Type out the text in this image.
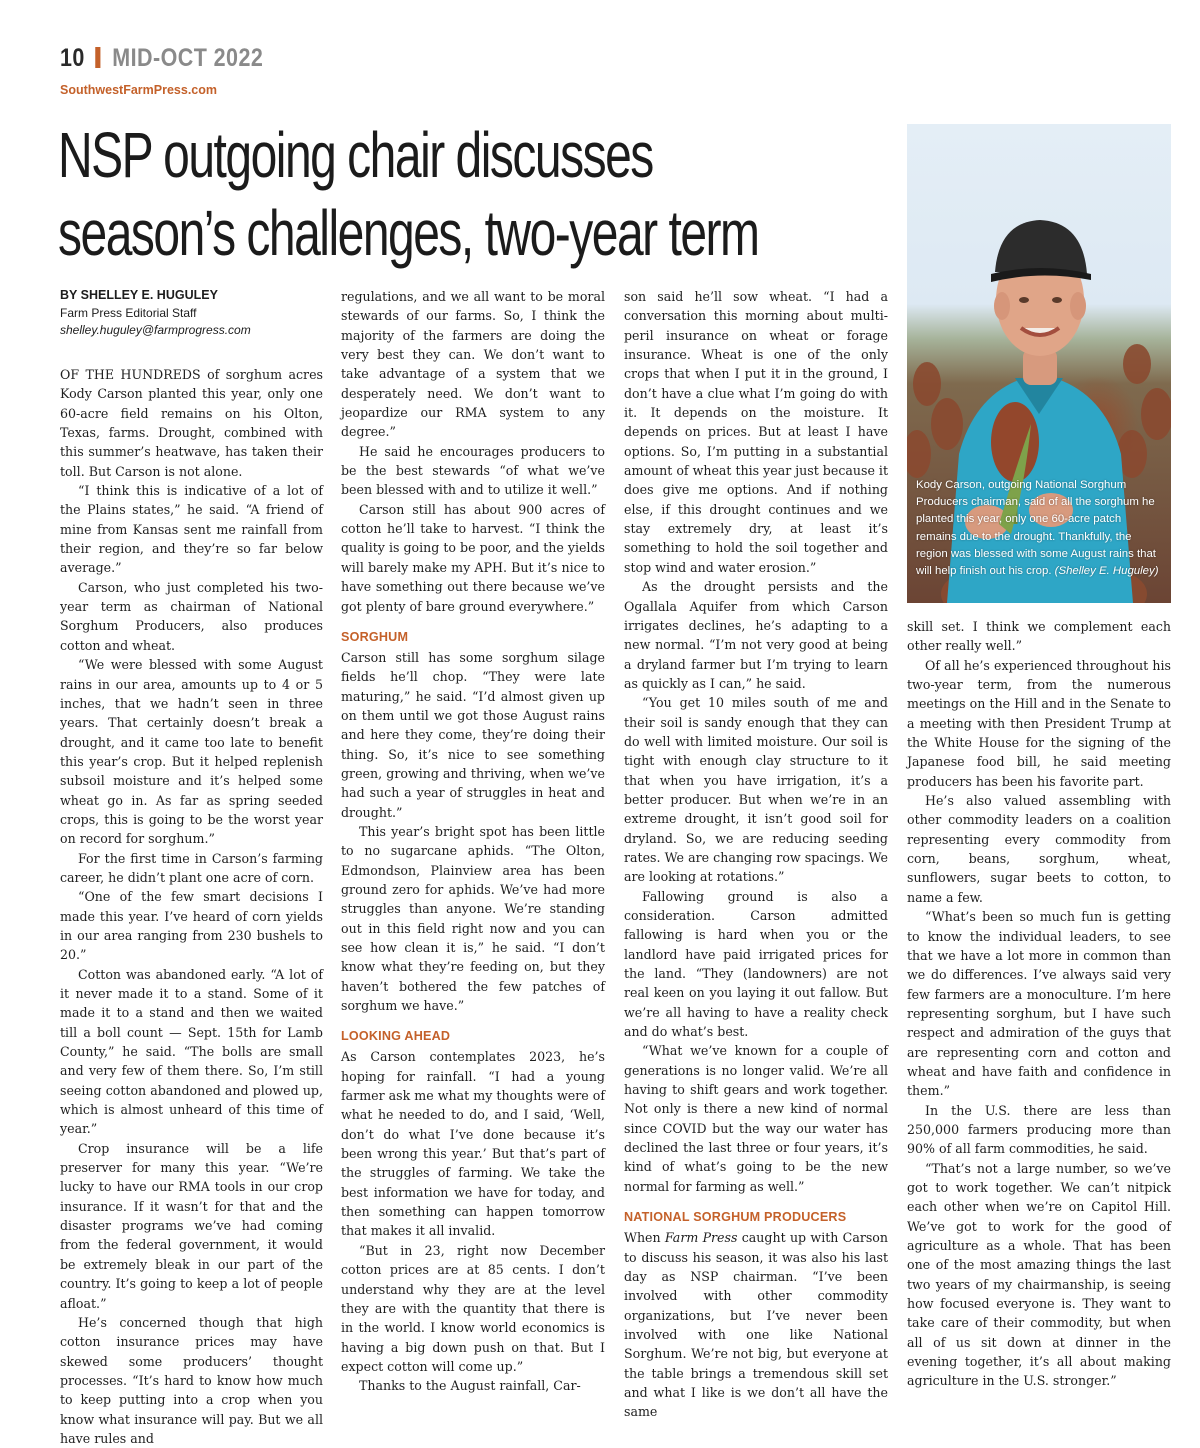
10 MID-OCT 2022
SouthwestFarmPress.com
NSP outgoing chair discusses season’s challenges, two-year term
Kody Carson, outgoing National Sorghum Producers chairman, said of all the sorghum he planted this year, only one 60-acre patch remains due to the drought. Thankfully, the region was blessed with some August rains that will help finish out his crop. (Shelley E. Huguley)
BY SHELLEY E. HUGULEY
Farm Press Editorial Staff
shelley.huguley@farmprogress.com

OF THE HUNDREDS of sorghum acres Kody Carson planted this year, only one 60-acre field remains on his Olton, Texas, farms. Drought, combined with this summer’s heatwave, has taken their toll. But Carson is not alone.

“I think this is indicative of a lot of the Plains states,” he said. “A friend of mine from Kansas sent me rainfall from their region, and they’re so far below average.”

Carson, who just completed his two-year term as chairman of National Sorghum Producers, also produces cotton and wheat.

“We were blessed with some August rains in our area, amounts up to 4 or 5 inches, that we hadn’t seen in three years. That certainly doesn’t break a drought, and it came too late to benefit this year’s crop. But it helped replenish subsoil moisture and it’s helped some wheat go in. As far as spring seeded crops, this is going to be the worst year on record for sorghum.”

For the first time in Carson’s farming career, he didn’t plant one acre of corn.

“One of the few smart decisions I made this year. I’ve heard of corn yields in our area ranging from 230 bushels to 20.”

Cotton was abandoned early. “A lot of it never made it to a stand. Some of it made it to a stand and then we waited till a boll count — Sept. 15th for Lamb County,” he said. “The bolls are small and very few of them there. So, I’m still seeing cotton abandoned and plowed up, which is almost unheard of this time of year.”

Crop insurance will be a life preserver for many this year. “We’re lucky to have our RMA tools in our crop insurance. If it wasn’t for that and the disaster programs we’ve had coming from the federal government, it would be extremely bleak in our part of the country. It’s going to keep a lot of people afloat.”

He’s concerned though that high cotton insurance prices may have skewed some producers’ thought processes. “It’s hard to know how much to keep putting into a crop when you know what insurance will pay. But we all have rules and

regulations, and we all want to be moral stewards of our farms. So, I think the majority of the farmers are doing the very best they can. We don’t want to take advantage of a system that we desperately need. We don’t want to jeopardize our RMA system to any degree.”

He said he encourages producers to be the best stewards “of what we’ve been blessed with and to utilize it well.”

Carson still has about 900 acres of cotton he’ll take to harvest. “I think the quality is going to be poor, and the yields will barely make my APH. But it’s nice to have something out there because we’ve got plenty of bare ground everywhere.”

SORGHUM

Carson still has some sorghum silage fields he’ll chop. “They were late maturing,” he said. “I’d almost given up on them until we got those August rains and here they come, they’re doing their thing. So, it’s nice to see something green, growing and thriving, when we’ve had such a year of struggles in heat and drought.”

This year’s bright spot has been little to no sugarcane aphids. “The Olton, Edmondson, Plainview area has been ground zero for aphids. We’ve had more struggles than anyone. We’re standing out in this field right now and you can see how clean it is,” he said. “I don’t know what they’re feeding on, but they haven’t bothered the few patches of sorghum we have.”

LOOKING AHEAD

As Carson contemplates 2023, he’s hoping for rainfall. “I had a young farmer ask me what my thoughts were of what he needed to do, and I said, ‘Well, don’t do what I’ve done because it’s been wrong this year.’ But that’s part of the struggles of farming. We take the best information we have for today, and then something can happen tomorrow that makes it all invalid.

“But in 23, right now December cotton prices are at 85 cents. I don’t understand why they are at the level they are with the quantity that there is in the world. I know world economics is having a big down push on that. But I expect cotton will come up.”

Thanks to the August rainfall, Car-

son said he’ll sow wheat. “I had a conversation this morning about multi-peril insurance on wheat or forage insurance. Wheat is one of the only crops that when I put it in the ground, I don’t have a clue what I’m going do with it. It depends on the moisture. It depends on prices. But at least I have options. So, I’m putting in a substantial amount of wheat this year just because it does give me options. And if nothing else, if this drought continues and we stay extremely dry, at least it’s something to hold the soil together and stop wind and water erosion.”

As the drought persists and the Ogallala Aquifer from which Carson irrigates declines, he’s adapting to a new normal. “I’m not very good at being a dryland farmer but I’m trying to learn as quickly as I can,” he said.

“You get 10 miles south of me and their soil is sandy enough that they can do well with limited moisture. Our soil is tight with enough clay structure to it that when you have irrigation, it’s a better producer. But when we’re in an extreme drought, it isn’t good soil for dryland. So, we are reducing seeding rates. We are changing row spacings. We are looking at rotations.”

Fallowing ground is also a consideration. Carson admitted fallowing is hard when you or the landlord have paid irrigated prices for the land. “They (landowners) are not real keen on you laying it out fallow. But we’re all having to have a reality check and do what’s best.

“What we’ve known for a couple of generations is no longer valid. We’re all having to shift gears and work together. Not only is there a new kind of normal since COVID but the way our water has declined the last three or four years, it’s kind of what’s going to be the new normal for farming as well.”

NATIONAL SORGHUM PRODUCERS

When Farm Press caught up with Carson to discuss his season, it was also his last day as NSP chairman. “I’ve been involved with other commodity organizations, but I’ve never been involved with one like National Sorghum. We’re not big, but everyone at the table brings a tremendous skill set and what I like is we don’t all have the same

skill set. I think we complement each other really well.”

Of all he’s experienced throughout his two-year term, from the numerous meetings on the Hill and in the Senate to a meeting with then President Trump at the White House for the signing of the Japanese food bill, he said meeting producers has been his favorite part.

He’s also valued assembling with other commodity leaders on a coalition representing every commodity from corn, beans, sorghum, wheat, sunflowers, sugar beets to cotton, to name a few.

“What’s been so much fun is getting to know the individual leaders, to see that we have a lot more in common than we do differences. I’ve always said very few farmers are a monoculture. I’m here representing sorghum, but I have such respect and admiration of the guys that are representing corn and cotton and wheat and have faith and confidence in them.”

In the U.S. there are less than 250,000 farmers producing more than 90% of all farm commodities, he said.

“That’s not a large number, so we’ve got to work together. We can’t nitpick each other when we’re on Capitol Hill. We’ve got to work for the good of agriculture as a whole. That has been one of the most amazing things the last two years of my chairmanship, is seeing how focused everyone is. They want to take care of their commodity, but when all of us sit down at dinner in the evening together, it’s all about making agriculture in the U.S. stronger.”
